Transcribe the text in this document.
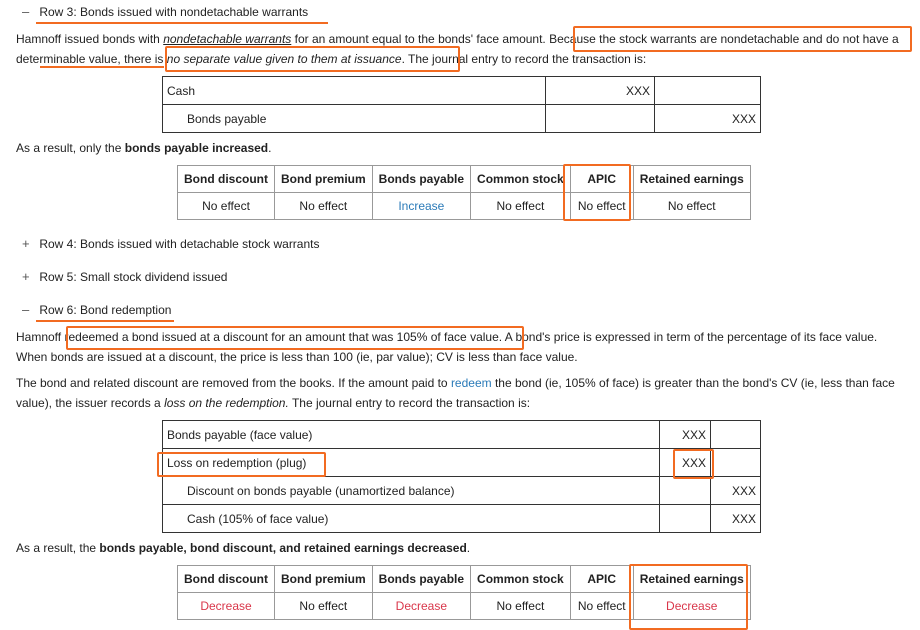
– Row 3: Bonds issued with nondetachable warrants

Hamnoff issued bonds with nondetachable warrants for an amount equal to the bonds' face amount. Because the stock warrants are nondetachable and do not have a determinable value, there is no separate value given to them at issuance. The journal entry to record the transaction is:

Cash	XXX	
Bonds payable		XXX

As a result, only the bonds payable increased.

Bond discount	Bond premium	Bonds payable	Common stock	APIC	Retained earnings
No effect	No effect	Increase	No effect	No effect	No effect
+ Row 4: Bonds issued with detachable stock warrants
+ Row 5: Small stock dividend issued
– Row 6: Bond redemption

Hamnoff redeemed a bond issued at a discount for an amount that was 105% of face value. A bond's price is expressed in term of the percentage of its face value. When bonds are issued at a discount, the price is less than 100 (ie, par value); CV is less than face value.

The bond and related discount are removed from the books. If the amount paid to redeem the bond (ie, 105% of face) is greater than the bond's CV (ie, less than face value), the issuer records a loss on the redemption. The journal entry to record the transaction is:

Bonds payable (face value)	XXX	
Loss on redemption (plug)	XXX	
Discount on bonds payable (unamortized balance)		XXX
Cash (105% of face value)		XXX

As a result, the bonds payable, bond discount, and retained earnings decreased.

Bond discount	Bond premium	Bonds payable	Common stock	APIC	Retained earnings
Decrease	No effect	Decrease	No effect	No effect	Decrease
